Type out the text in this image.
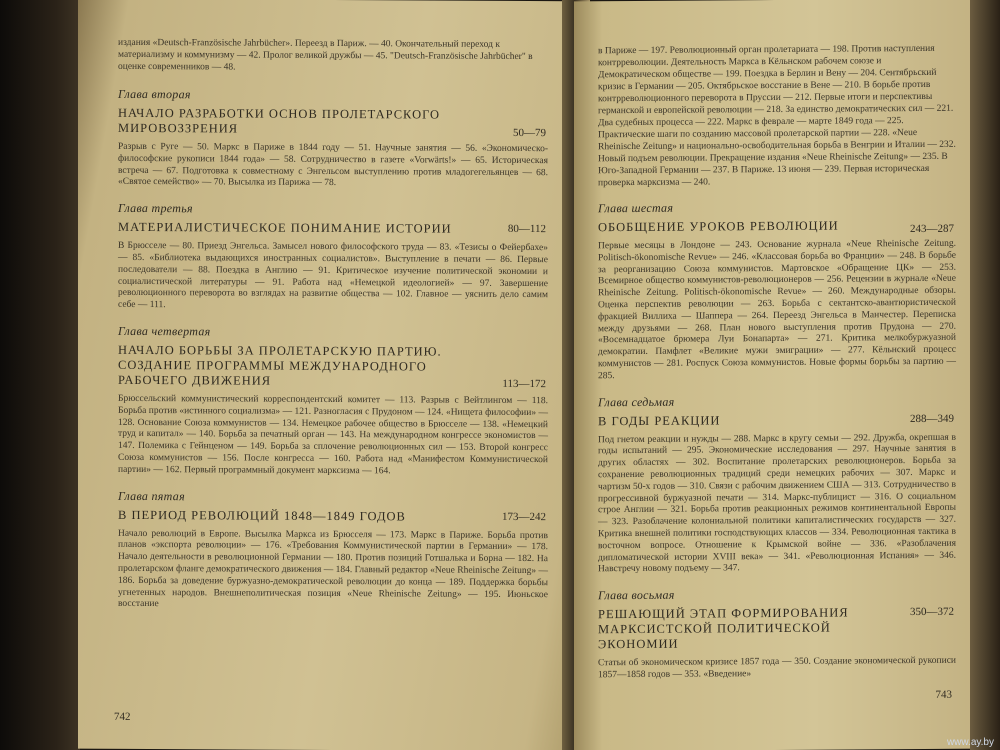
издания «Deutsch-Französische Jahrbücher». Переезд в Париж. — 40. Окончательный переход к материализму и коммунизму — 42. Пролог великой дружбы — 45. "Deutsch-Französische Jahrbücher" в оценке современников — 48.

Глава вторая

НАЧАЛО РАЗРАБОТКИ ОСНОВ ПРОЛЕТАРСКОГО МИРОВОЗЗРЕНИЯ	50—79

Разрыв с Руге — 50. Маркс в Париже в 1844 году — 51. Научные занятия — 56. «Экономическо-философские рукописи 1844 года» — 58. Сотрудничество в газете «Vorwärts!» — 65. Историческая встреча — 67. Подготовка к совместному с Энгельсом выступлению против младогегельянцев — 68. «Святое семейство» — 70. Высылка из Парижа — 78.

Глава третья

МАТЕРИАЛИСТИЧЕСКОЕ ПОНИМАНИЕ ИСТОРИИ	80—112

В Брюсселе — 80. Приезд Энгельса. Замысел нового философского труда — 83. «Тезисы о Фейербахе» — 85. «Библиотека выдающихся иностранных социалистов». Выступление в печати — 86. Первые последователи — 88. Поездка в Англию — 91. Критическое изучение политической экономии и социалистической литературы — 91. Работа над «Немецкой идеологией» — 97. Завершение революционного переворота во взглядах на развитие общества — 102. Главное — уяснить дело самим себе — 111.

Глава четвертая

НАЧАЛО БОРЬБЫ ЗА ПРОЛЕТАРСКУЮ ПАРТИЮ. СОЗДАНИЕ ПРОГРАММЫ МЕЖДУНАРОДНОГО РАБОЧЕГО ДВИЖЕНИЯ	113—172

Брюссельский коммунистический корреспондентский комитет — 113. Разрыв с Вейтлингом — 118. Борьба против «истинного социализма» — 121. Разногласия с Прудоном — 124. «Нищета философии» — 128. Основание Союза коммунистов — 134. Немецкое рабочее общество в Брюсселе — 138. «Немецкий труд и капитал» — 140. Борьба за печатный орган — 143. На международном конгрессе экономистов — 147. Полемика с Гейнценом — 149. Борьба за сплочение революционных сил — 153. Второй конгресс Союза коммунистов — 156. После конгресса — 160. Работа над «Манифестом Коммунистической партии» — 162. Первый программный документ марксизма — 164.

Глава пятая

В ПЕРИОД РЕВОЛЮЦИЙ 1848—1849 ГОДОВ	173—242

Начало революций в Европе. Высылка Маркса из Брюсселя — 173. Маркс в Париже. Борьба против планов «экспорта революции» — 176. «Требования Коммунистической партии в Германии» — 178. Начало деятельности в революционной Германии — 180. Против позиций Готшалька и Борна — 182. На пролетарском фланге демократического движения — 184. Главный редактор «Neue Rheinische Zeitung» — 186. Борьба за доведение буржуазно-демократической революции до конца — 189. Поддержка борьбы угнетенных народов. Внешнеполитическая позиция «Neue Rheinische Zeitung» — 195. Июньское восстание

742

в Париже — 197. Революционный орган пролетариата — 198. Против наступления контрреволюции. Деятельность Маркса в Кёльнском рабочем союзе и Демократическом обществе — 199. Поездка в Берлин и Вену — 204. Сентябрьский кризис в Германии — 205. Октябрьское восстание в Вене — 210. В борьбе против контрреволюционного переворота в Пруссии — 212. Первые итоги и перспективы германской и европейской революции — 218. За единство демократических сил — 221. Два судебных процесса — 222. Маркс в феврале — марте 1849 года — 225. Практические шаги по созданию массовой пролетарской партии — 228. «Neue Rheinische Zeitung» и национально-освободительная борьба в Венгрии и Италии — 232. Новый подъем революции. Прекращение издания «Neue Rheinische Zeitung» — 235. В Юго-Западной Германии — 237. В Париже. 13 июня — 239. Первая историческая проверка марксизма — 240.

Глава шестая

ОБОБЩЕНИЕ УРОКОВ РЕВОЛЮЦИИ	243—287

Первые месяцы в Лондоне — 243. Основание журнала «Neue Rheinische Zeitung. Politisch-ökonomische Revue» — 246. «Классовая борьба во Франции» — 248. В борьбе за реорганизацию Союза коммунистов. Мартовское «Обращение ЦК» — 253. Всемирное общество коммунистов-революционеров — 256. Рецензии в журнале «Neue Rheinische Zeitung. Politisch-ökonomische Revue» — 260. Международные обзоры. Оценка перспектив революции — 263. Борьба с сектантско-авантюристической фракцией Виллиха — Шаппера — 264. Переезд Энгельса в Манчестер. Переписка между друзьями — 268. План нового выступления против Прудона — 270. «Восемнадцатое брюмера Луи Бонапарта» — 271. Критика мелкобуржуазной демократии. Памфлет «Великие мужи эмиграции» — 277. Кёльнский процесс коммунистов — 281. Роспуск Союза коммунистов. Новые формы борьбы за партию — 285.

Глава седьмая

В ГОДЫ РЕАКЦИИ	288—349

Под гнетом реакции и нужды — 288. Маркс в кругу семьи — 292. Дружба, окрепшая в годы испытаний — 295. Экономические исследования — 297. Научные занятия в других областях — 302. Воспитание пролетарских революционеров. Борьба за сохранение революционных традиций среди немецких рабочих — 307. Маркс и чартизм 50-х годов — 310. Связи с рабочим движением США — 313. Сотрудничество в прогрессивной буржуазной печати — 314. Маркс-публицист — 316. О социальном строе Англии — 321. Борьба против реакционных режимов континентальной Европы — 323. Разоблачение колониальной политики капиталистических государств — 327. Критика внешней политики господствующих классов — 334. Революционная тактика в восточном вопросе. Отношение к Крымской войне — 336. «Разоблачения дипломатической истории XVIII века» — 341. «Революционная Испания» — 346. Навстречу новому подъему — 347.

Глава восьмая

РЕШАЮЩИЙ ЭТАП ФОРМИРОВАНИЯ МАРКСИСТСКОЙ ПОЛИТИЧЕСКОЙ ЭКОНОМИИ

350—372

Статьи об экономическом кризисе 1857 года — 350. Создание экономической рукописи 1857—1858 годов — 353. «Введение»

743
www.ay.by
